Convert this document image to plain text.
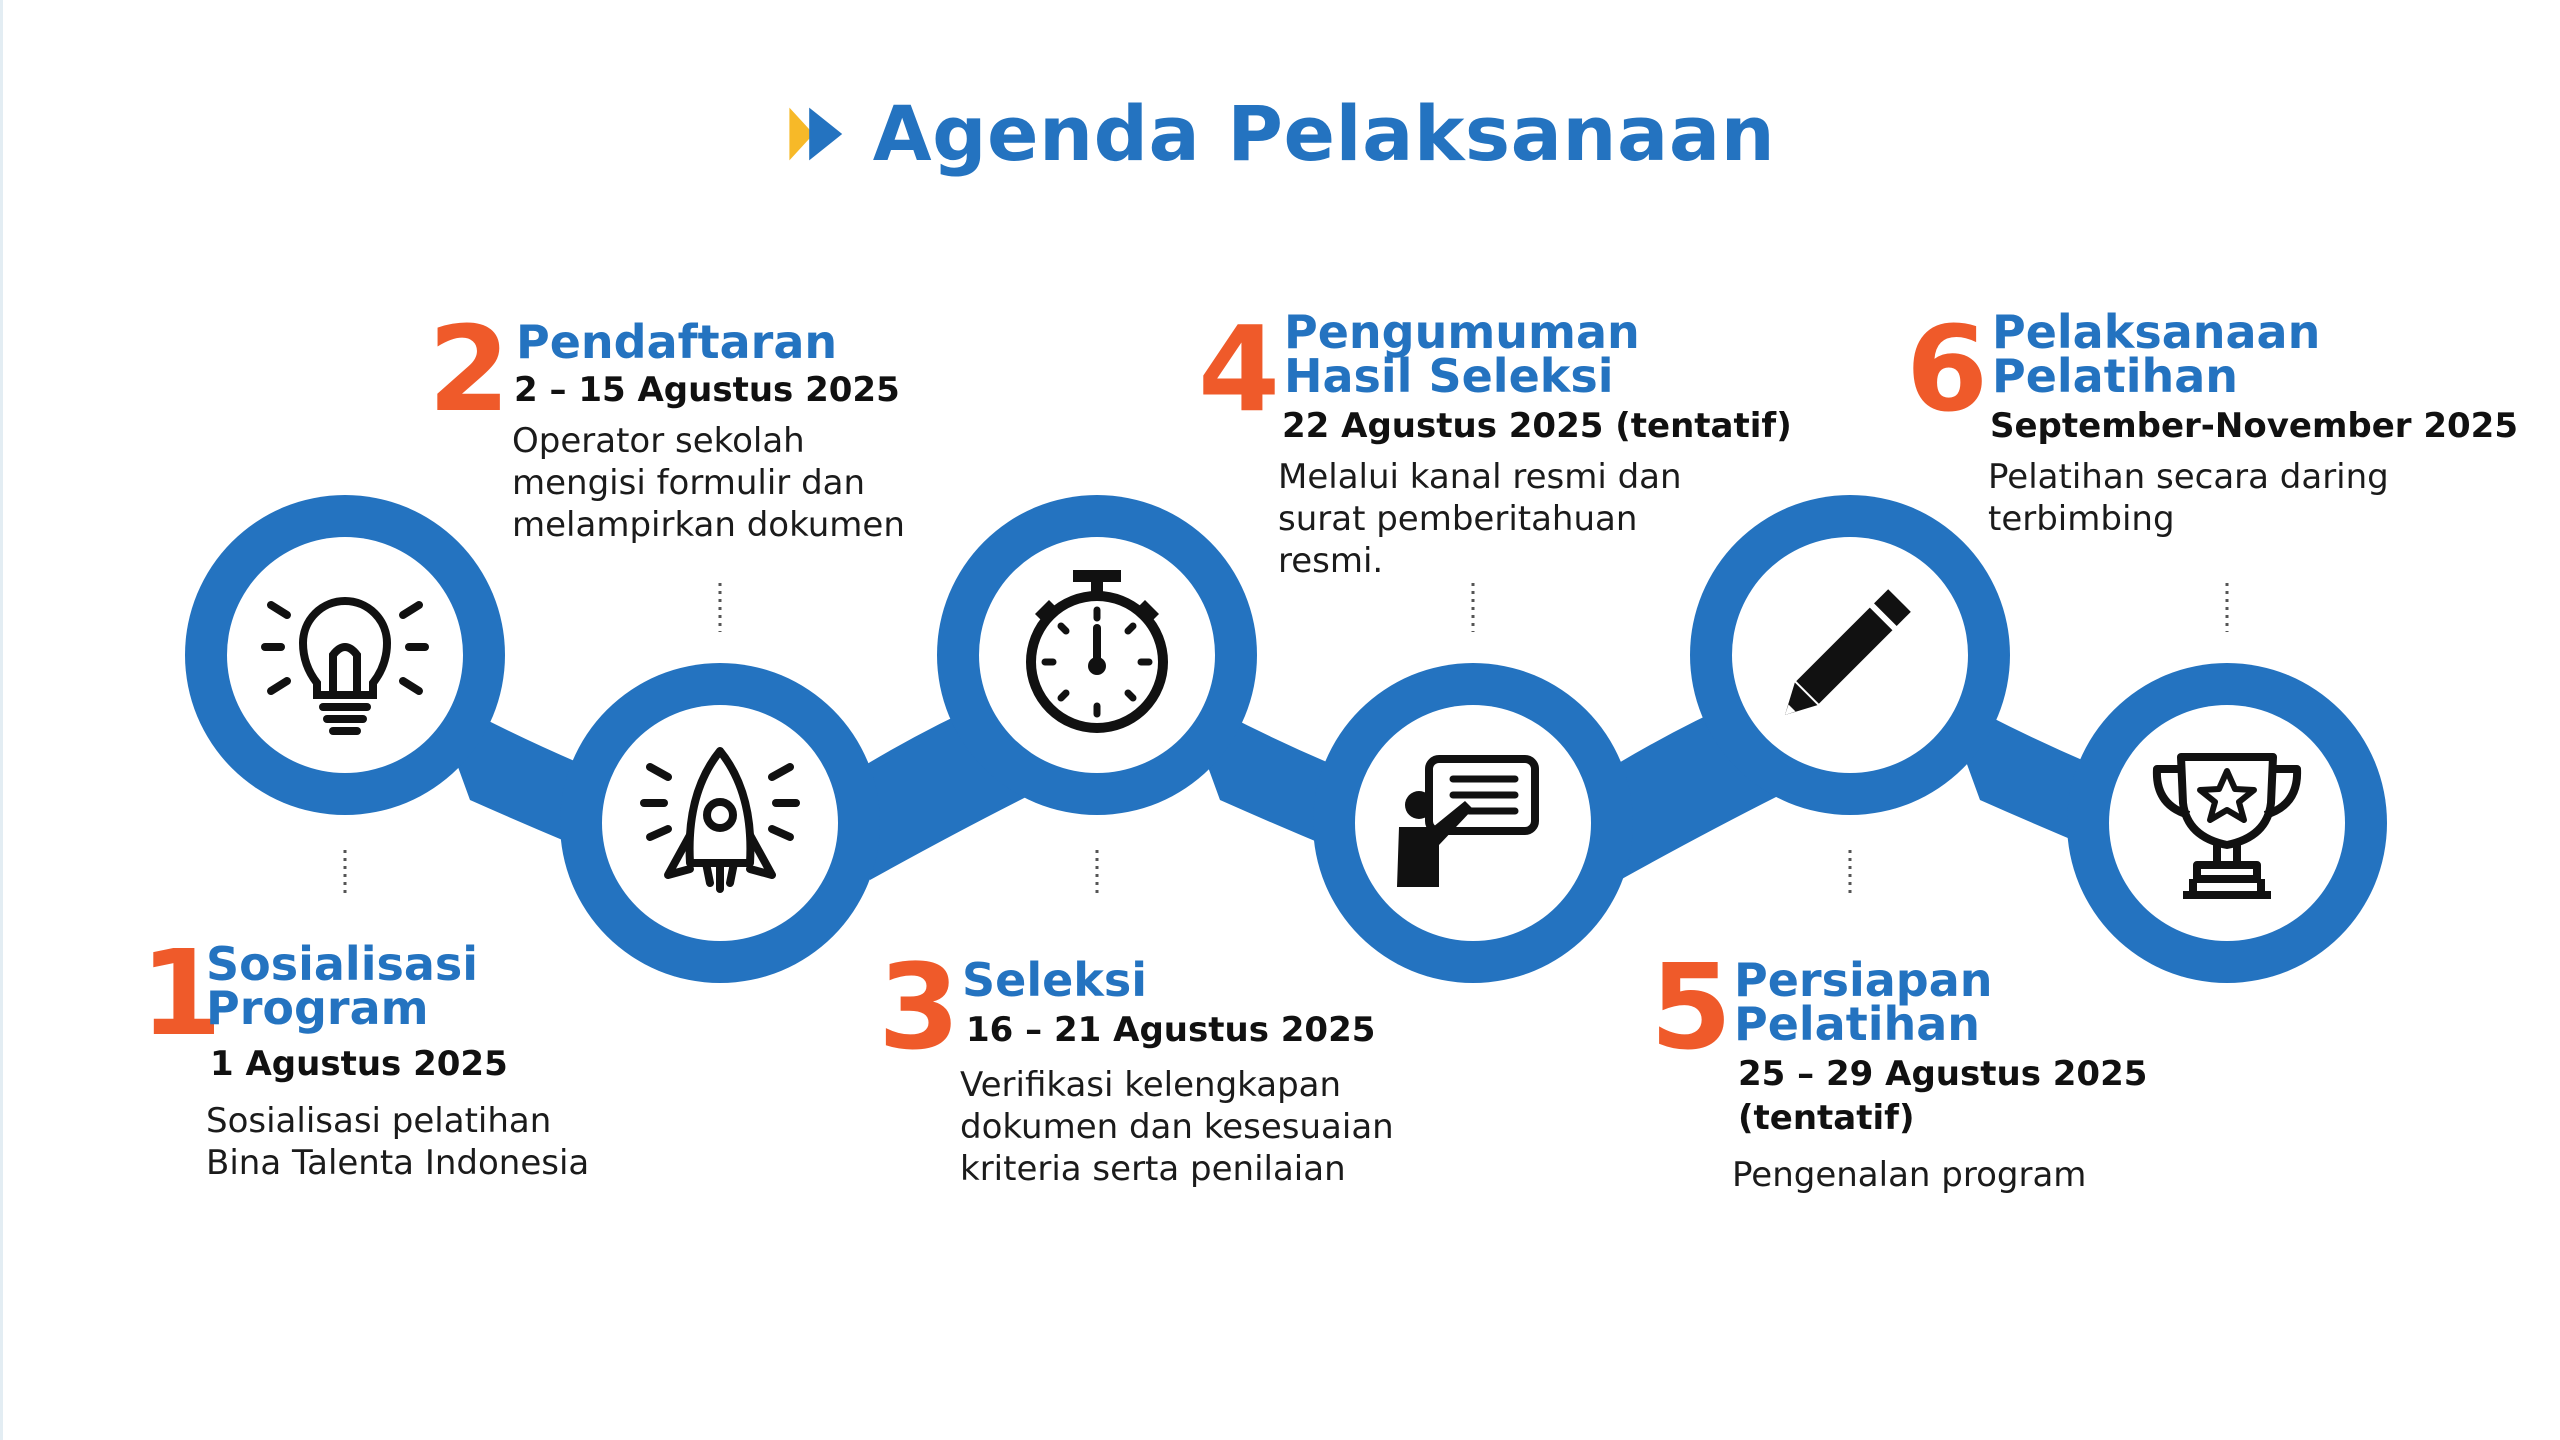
Agenda Pelaksanaan
1
Sosialisasi
Program
1 Agustus 2025
Sosialisasi pelatihan
Bina Talenta Indonesia
2 Pendaftaran
2 – 15 Agustus 2025
Operator sekolah
mengisi formulir dan
melampirkan dokumen
3 Seleksi
16 – 21 Agustus 2025
Verifikasi kelengkapan
dokumen dan kesesuaian
kriteria serta penilaian
4 Pengumuman
Hasil Seleksi
22 Agustus 2025 (tentatif)
Melalui kanal resmi dan
surat pemberitahuan
resmi.
5 Persiapan
Pelatihan
25 – 29 Agustus 2025
(tentatif)
Pengenalan program
6 Pelaksanaan
Pelatihan
September-November 2025
Pelatihan secara daring
terbimbing
